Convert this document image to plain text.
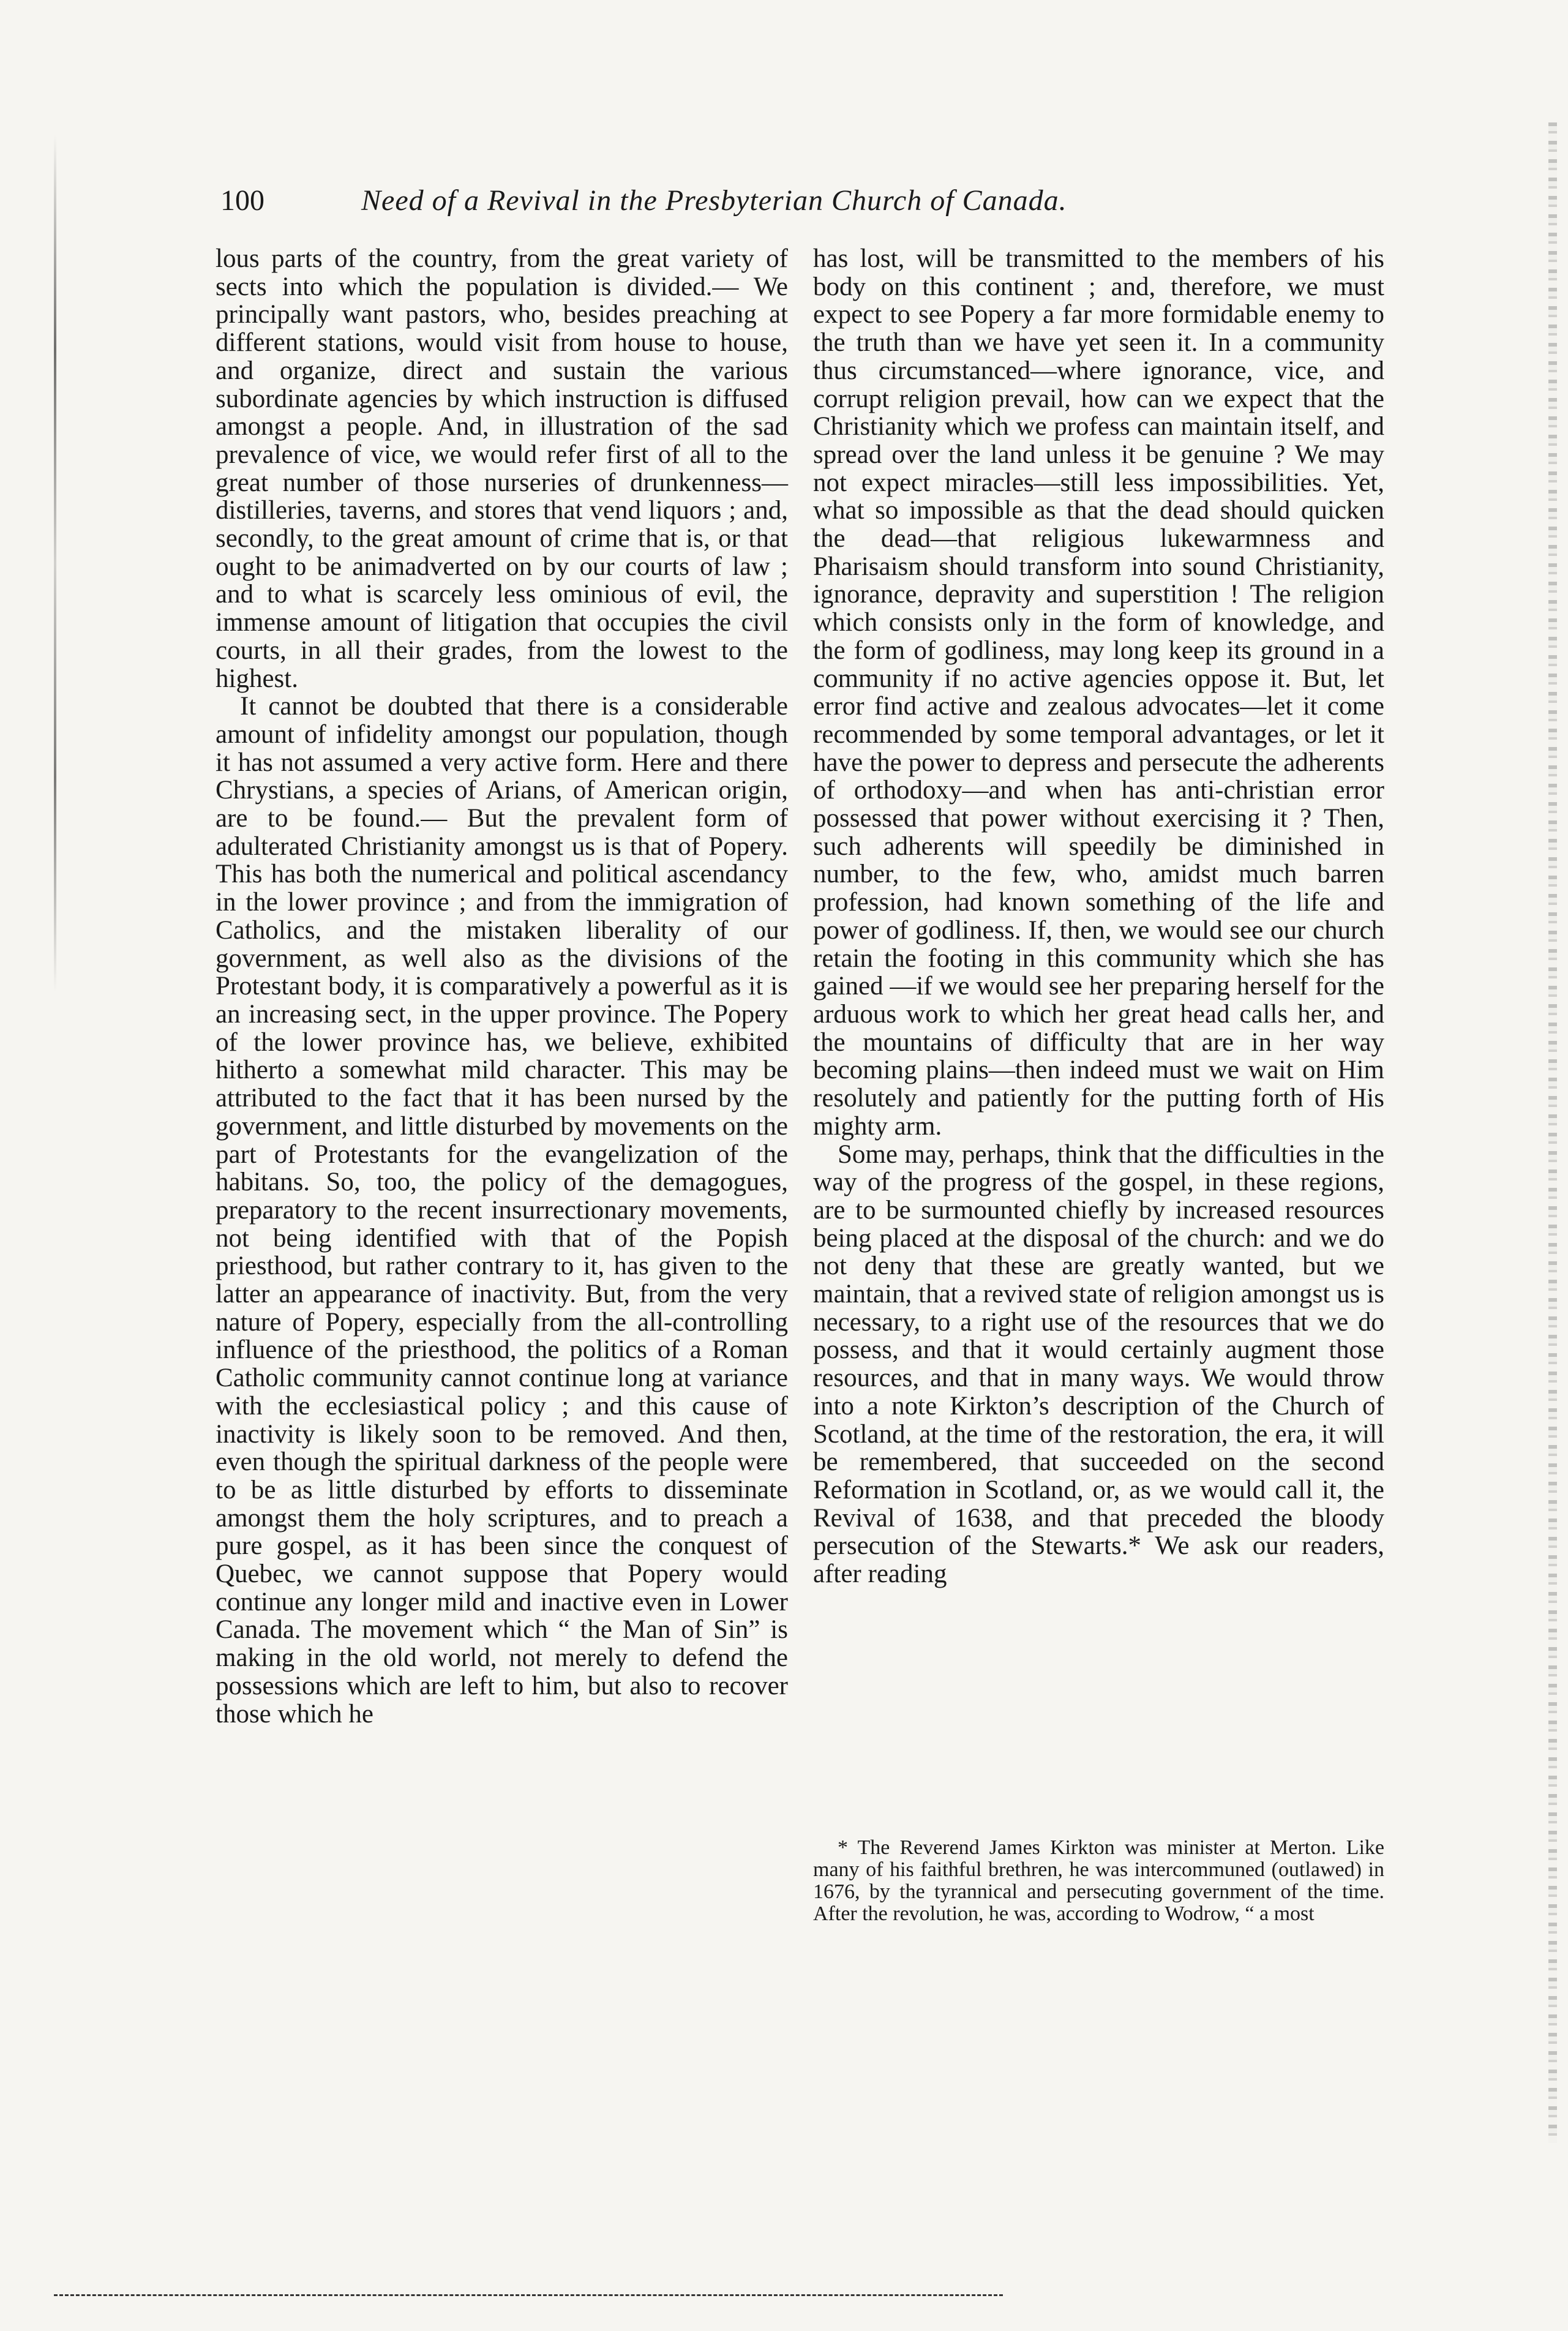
100	Need of a Revival in the Presbyterian Church of Canada.

lous parts of the country, from the great variety of sects into which the population is divided.— We principally want pastors, who, besides preaching at different stations, would visit from house to house, and organize, direct and sustain the various subordinate agencies by which instruction is diffused amongst a people. And, in illustration of the sad prevalence of vice, we would refer first of all to the great number of those nurseries of drunkenness—distilleries, taverns, and stores that vend liquors ; and, secondly, to the great amount of crime that is, or that ought to be animadverted on by our courts of law ; and to what is scarcely less ominious of evil, the immense amount of litigation that occupies the civil courts, in all their grades, from the lowest to the highest.

It cannot be doubted that there is a considerable amount of infidelity amongst our population, though it has not assumed a very active form. Here and there Chrystians, a species of Arians, of American origin, are to be found.— But the prevalent form of adulterated Christianity amongst us is that of Popery. This has both the numerical and political ascendancy in the lower province ; and from the immigration of Catholics, and the mistaken liberality of our government, as well also as the divisions of the Protestant body, it is comparatively a powerful as it is an increasing sect, in the upper province. The Popery of the lower province has, we believe, exhibited hitherto a somewhat mild character. This may be attributed to the fact that it has been nursed by the government, and little disturbed by movements on the part of Protestants for the evangelization of the habitans. So, too, the policy of the demagogues, preparatory to the recent insurrectionary movements, not being identified with that of the Popish priesthood, but rather contrary to it, has given to the latter an appearance of inactivity. But, from the very nature of Popery, especially from the all-controlling influence of the priesthood, the politics of a Roman Catholic community cannot continue long at variance with the ecclesiastical policy ; and this cause of inactivity is likely soon to be removed. And then, even though the spiritual darkness of the people were to be as little disturbed by efforts to disseminate amongst them the holy scriptures, and to preach a pure gospel, as it has been since the conquest of Quebec, we cannot suppose that Popery would continue any longer mild and inactive even in Lower Canada. The movement which “ the Man of Sin” is making in the old world, not merely to defend the possessions which are left to him, but also to recover those which he

has lost, will be transmitted to the members of his body on this continent ; and, therefore, we must expect to see Popery a far more formidable enemy to the truth than we have yet seen it. In a community thus circumstanced—where ignorance, vice, and corrupt religion prevail, how can we expect that the Christianity which we profess can maintain itself, and spread over the land unless it be genuine ? We may not expect miracles—still less impossibilities. Yet, what so impossible as that the dead should quicken the dead—that religious lukewarmness and Pharisaism should transform into sound Christianity, ignorance, depravity and superstition ! The religion which consists only in the form of knowledge, and the form of godliness, may long keep its ground in a community if no active agencies oppose it. But, let error find active and zealous advocates—let it come recommended by some temporal advantages, or let it have the power to depress and persecute the adherents of orthodoxy—and when has anti-christian error possessed that power without exercising it ? Then, such adherents will speedily be diminished in number, to the few, who, amidst much barren profession, had known something of the life and power of godliness. If, then, we would see our church retain the footing in this community which she has gained —if we would see her preparing herself for the arduous work to which her great head calls her, and the mountains of difficulty that are in her way becoming plains—then indeed must we wait on Him resolutely and patiently for the putting forth of His mighty arm.

Some may, perhaps, think that the difficulties in the way of the progress of the gospel, in these regions, are to be surmounted chiefly by increased resources being placed at the disposal of the church: and we do not deny that these are greatly wanted, but we maintain, that a revived state of religion amongst us is necessary, to a right use of the resources that we do possess, and that it would certainly augment those resources, and that in many ways. We would throw into a note Kirkton’s description of the Church of Scotland, at the time of the restoration, the era, it will be remembered, that succeeded on the second Reformation in Scotland, or, as we would call it, the Revival of 1638, and that preceded the bloody persecution of the Stewarts.* We ask our readers, after reading

* The Reverend James Kirkton was minister at Merton. Like many of his faithful brethren, he was intercommuned (outlawed) in 1676, by the tyrannical and persecuting government of the time. After the revolution, he was, according to Wodrow, “ a most
